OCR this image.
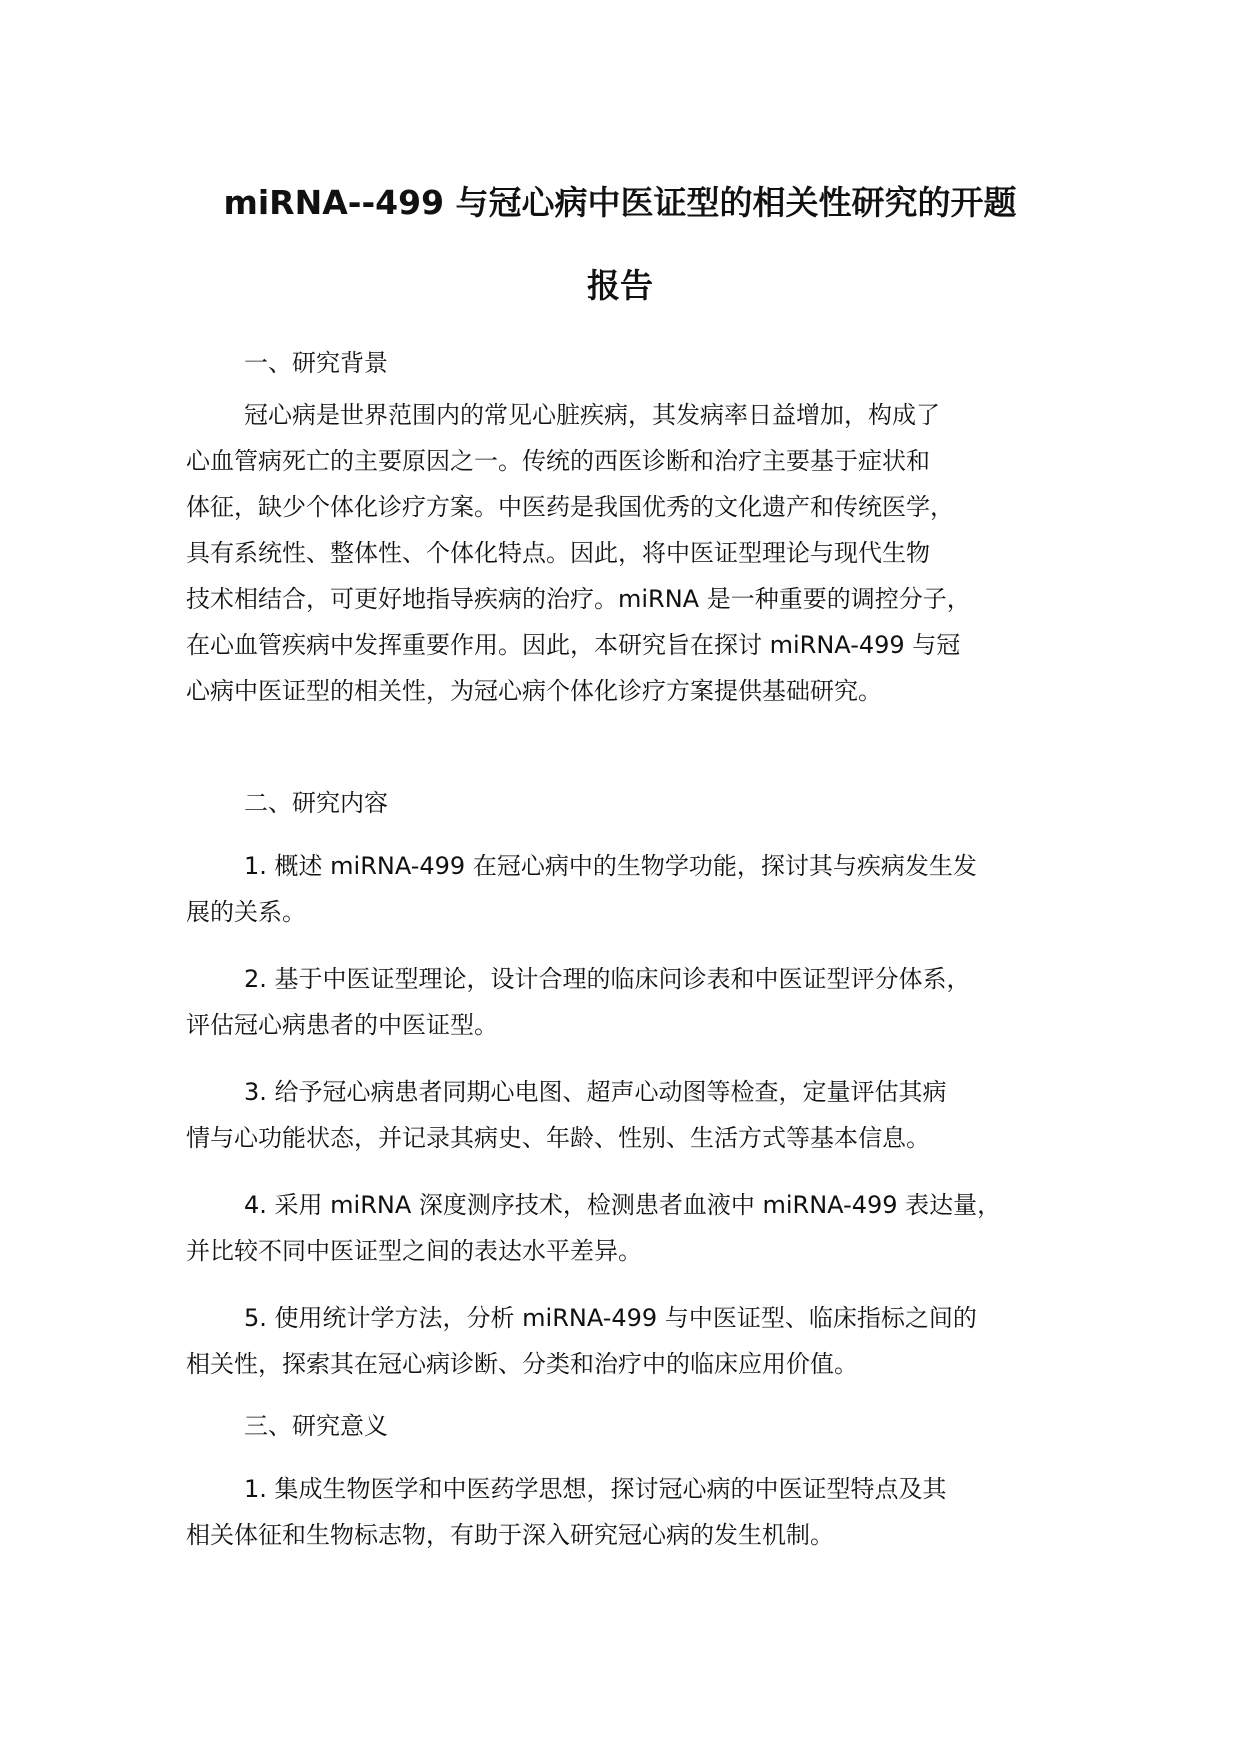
miRNA--499 与冠心病中医证型的相关性研究的开题
报告

一、研究背景

冠心病是世界范围内的常见心脏疾病，其发病率日益增加，构成了
心血管病死亡的主要原因之一。传统的西医诊断和治疗主要基于症状和
体征，缺少个体化诊疗方案。中医药是我国优秀的文化遗产和传统医学，
具有系统性、整体性、个体化特点。因此，将中医证型理论与现代生物
技术相结合，可更好地指导疾病的治疗。miRNA 是一种重要的调控分子，
在心血管疾病中发挥重要作用。因此，本研究旨在探讨 miRNA-499 与冠
心病中医证型的相关性，为冠心病个体化诊疗方案提供基础研究。

二、研究内容

1. 概述 miRNA-499 在冠心病中的生物学功能，探讨其与疾病发生发
展的关系。

2. 基于中医证型理论，设计合理的临床问诊表和中医证型评分体系，
评估冠心病患者的中医证型。

3. 给予冠心病患者同期心电图、超声心动图等检查，定量评估其病
情与心功能状态，并记录其病史、年龄、性别、生活方式等基本信息。

4. 采用 miRNA 深度测序技术，检测患者血液中 miRNA-499 表达量，
并比较不同中医证型之间的表达水平差异。

5. 使用统计学方法，分析 miRNA-499 与中医证型、临床指标之间的
相关性，探索其在冠心病诊断、分类和治疗中的临床应用价值。

三、研究意义

1. 集成生物医学和中医药学思想，探讨冠心病的中医证型特点及其
相关体征和生物标志物，有助于深入研究冠心病的发生机制。
